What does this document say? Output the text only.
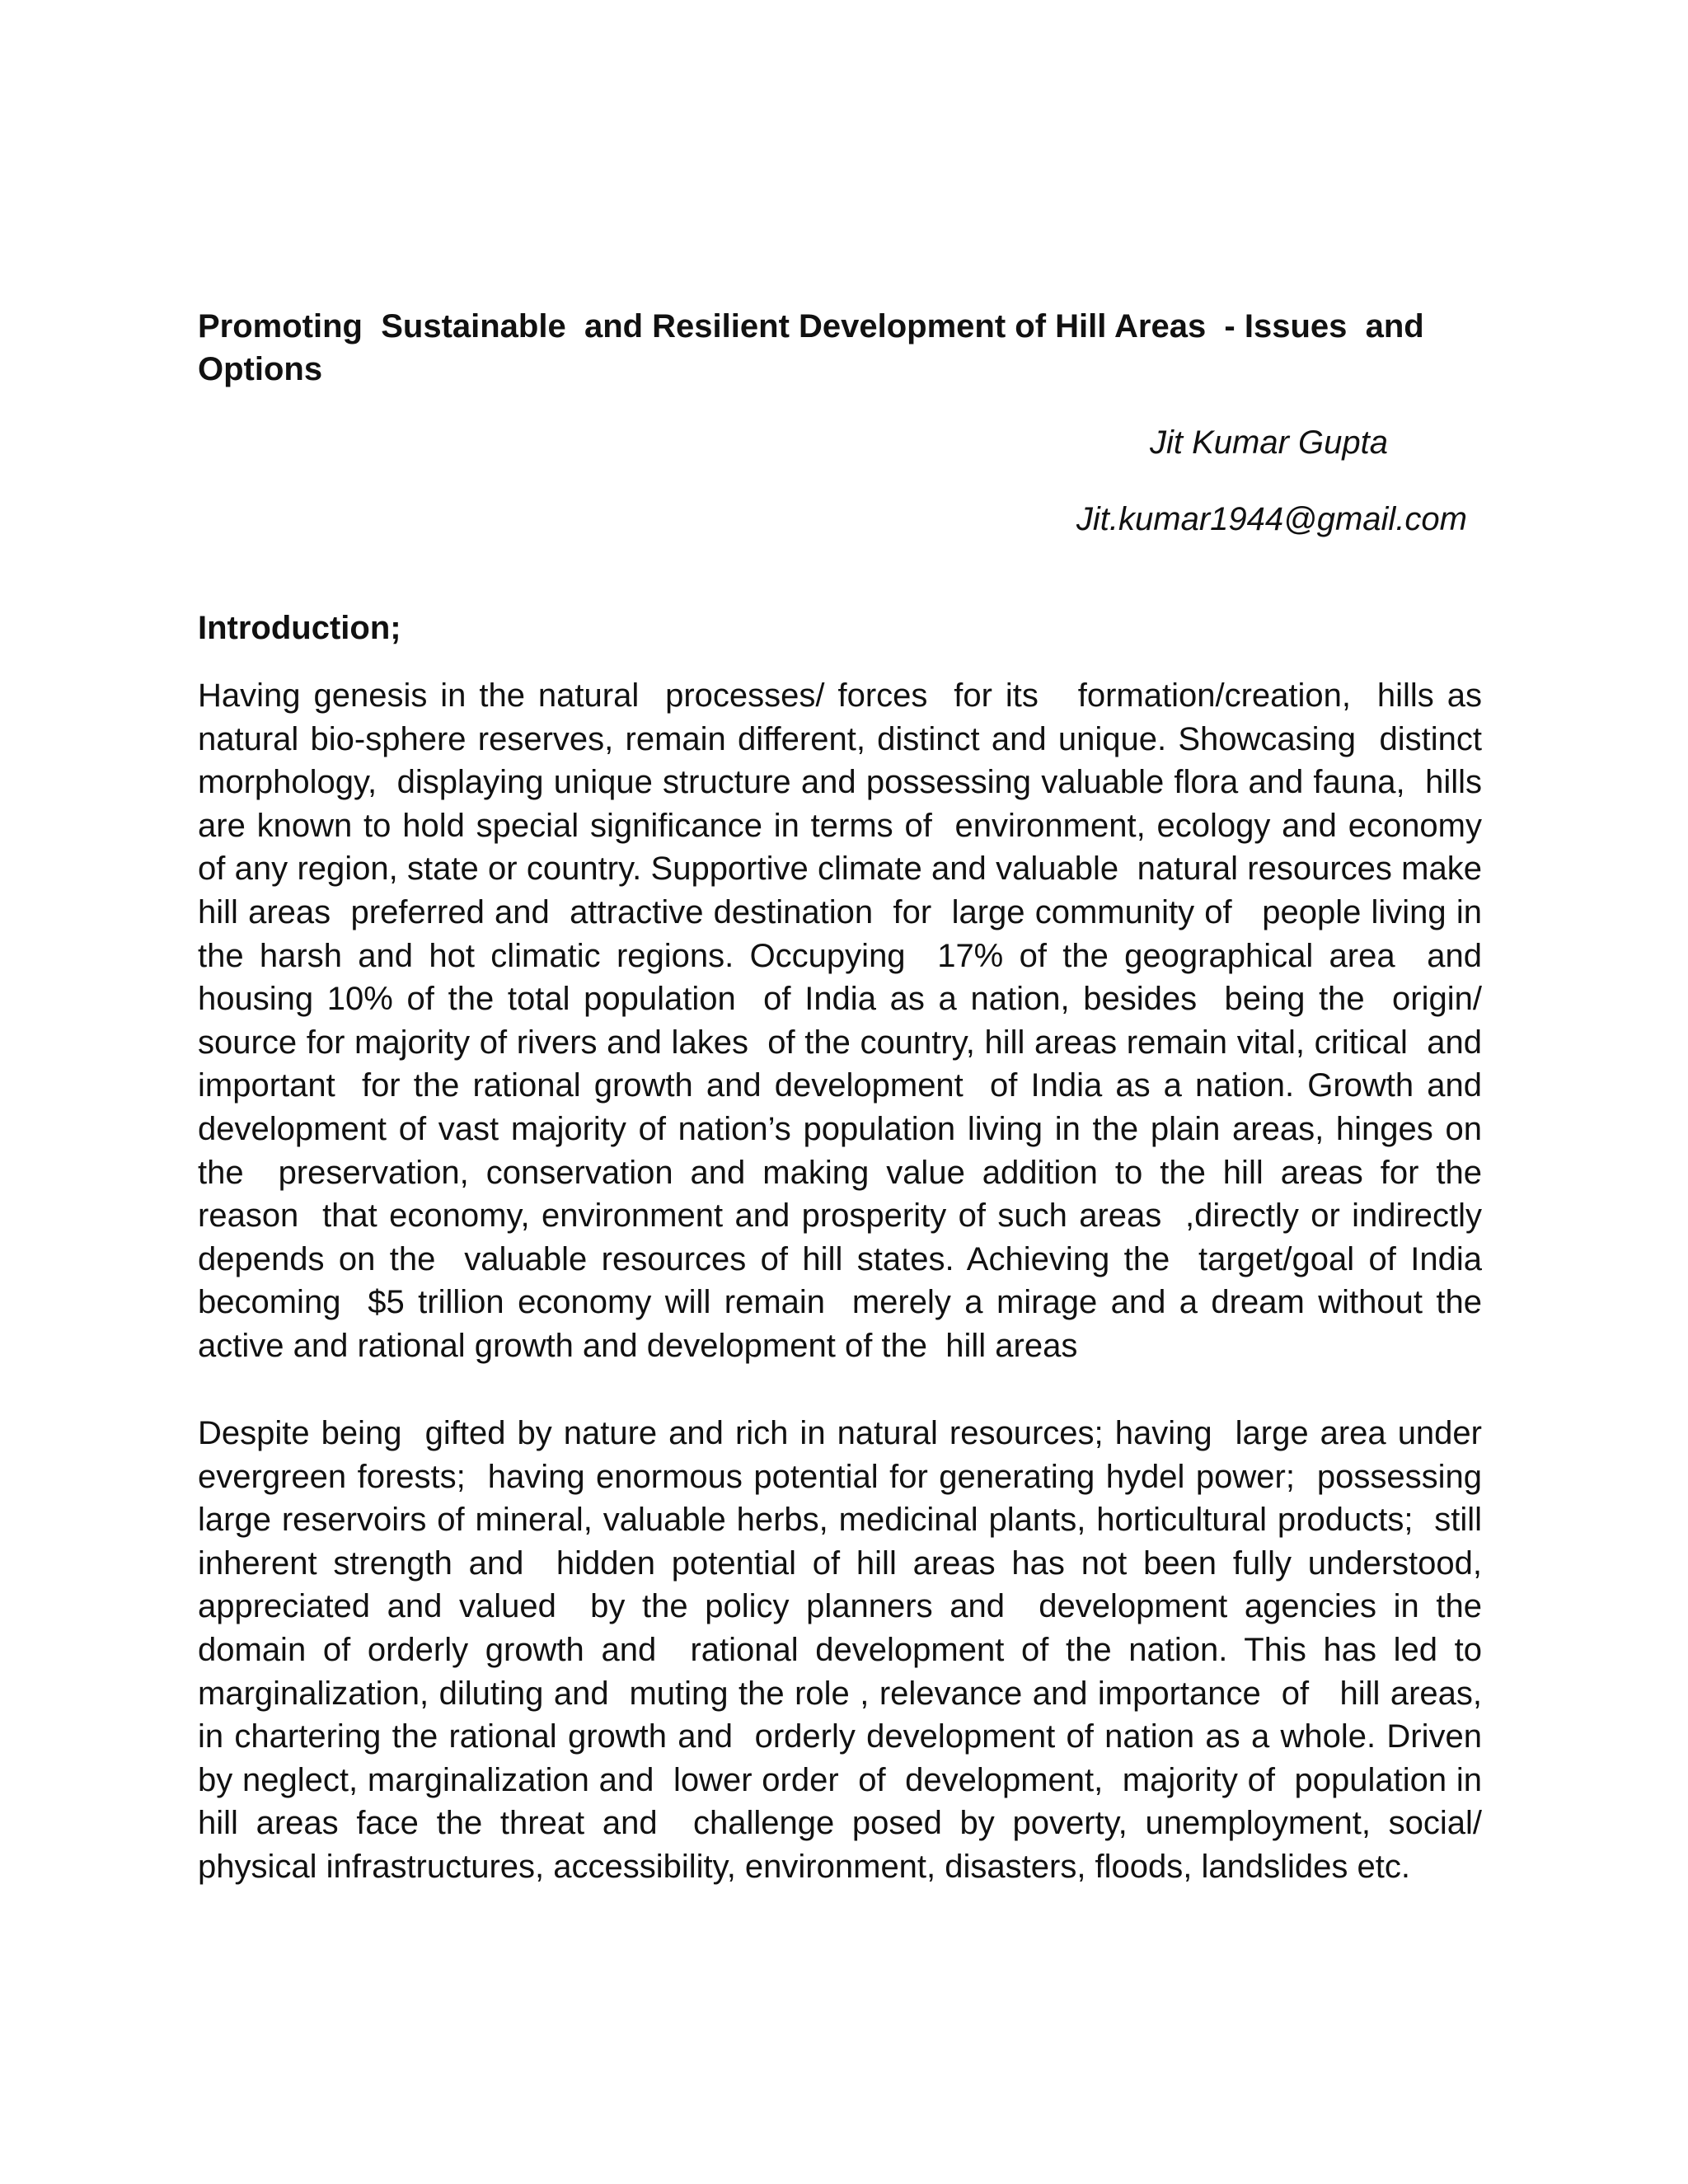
Promoting  Sustainable  and Resilient Development of Hill Areas  - Issues  and Options

Jit Kumar Gupta

Jit.kumar1944@gmail.com

Introduction;

Having genesis in the natural  processes/ forces  for its   formation/creation,  hills as natural bio-sphere reserves, remain different, distinct and unique. Showcasing  distinct morphology,  displaying unique structure and possessing valuable flora and fauna,  hills are known to hold special significance in terms of  environment, ecology and economy of any region, state or country. Supportive climate and valuable  natural resources make hill areas  preferred and  attractive destination  for  large community of   people living in the harsh and hot climatic regions. Occupying  17% of the geographical area  and housing 10% of the total population  of India as a nation, besides  being the  origin/ source for majority of rivers and lakes  of the country, hill areas remain vital, critical  and important  for the rational growth and development  of India as a nation. Growth and development of vast majority of nation’s population living in the plain areas, hinges on the  preservation, conservation and making value addition to the hill areas for the reason  that economy, environment and prosperity of such areas  ,directly or indirectly  depends on the  valuable resources of hill states. Achieving the  target/goal of India becoming  $5 trillion economy will remain  merely a mirage and a dream without the active and rational growth and development of the  hill areas

Despite being  gifted by nature and rich in natural resources; having  large area under evergreen forests;  having enormous potential for generating hydel power;  possessing large reservoirs of mineral, valuable herbs, medicinal plants, horticultural products;  still inherent strength and  hidden potential of hill areas has not been fully understood, appreciated and valued  by the policy planners and  development agencies in the domain of orderly growth and  rational development of the nation. This has led to marginalization, diluting and  muting the role , relevance and importance  of   hill areas, in chartering the rational growth and  orderly development of nation as a whole. Driven  by neglect, marginalization and  lower order  of  development,  majority of  population in hill areas face the threat and  challenge posed by poverty, unemployment, social/ physical infrastructures, accessibility, environment, disasters, floods, landslides etc.
